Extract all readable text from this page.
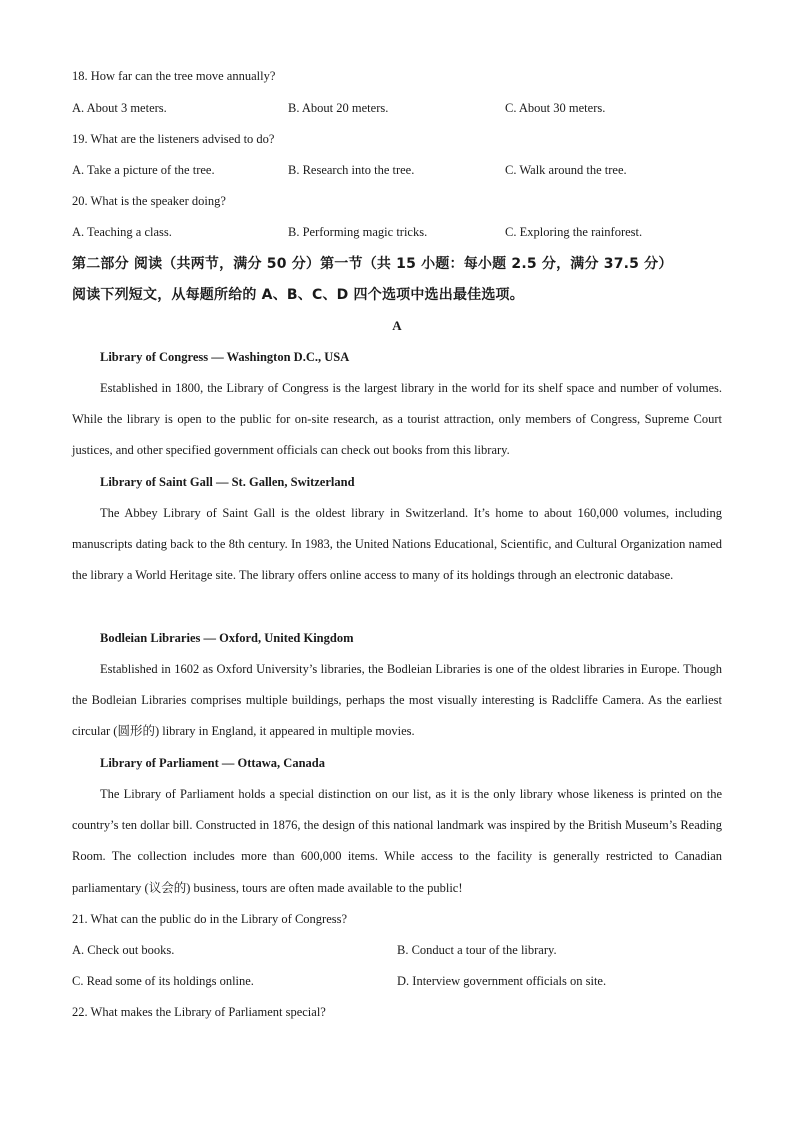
18. How far can the tree move annually?
A. About 3 meters.	B. About 20 meters.	C. About 30 meters.
19. What are the listeners advised to do?
A. Take a picture of the tree.	B. Research into the tree.	C. Walk around the tree.
20. What is the speaker doing?
A. Teaching a class.	B. Performing magic tricks.	C. Exploring the rainforest.
第二部分 阅读（共两节，满分 50 分）第一节（共 15 小题：每小题 2.5 分，满分 37.5 分）
阅读下列短文，从每题所给的 A、B、C、D 四个选项中选出最佳选项。
A
Library of Congress — Washington D.C., USA

Established in 1800, the Library of Congress is the largest library in the world for its shelf space and number of volumes. While the library is open to the public for on-site research, as a tourist attraction, only members of Congress, Supreme Court justices, and other specified government officials can check out books from this library.

Library of Saint Gall — St. Gallen, Switzerland

The Abbey Library of Saint Gall is the oldest library in Switzerland. It’s home to about 160,000 volumes, including manuscripts dating back to the 8th century. In 1983, the United Nations Educational, Scientific, and Cultural Organization named the library a World Heritage site. The library offers online access to many of its holdings through an electronic database.

Bodleian Libraries — Oxford, United Kingdom

Established in 1602 as Oxford University’s libraries, the Bodleian Libraries is one of the oldest libraries in Europe. Though the Bodleian Libraries comprises multiple buildings, perhaps the most visually interesting is Radcliffe Camera. As the earliest circular (圆形的) library in England, it appeared in multiple movies.

Library of Parliament — Ottawa, Canada

The Library of Parliament holds a special distinction on our list, as it is the only library whose likeness is printed on the country’s ten dollar bill. Constructed in 1876, the design of this national landmark was inspired by the British Museum’s Reading Room. The collection includes more than 600,000 items. While access to the facility is generally restricted to Canadian parliamentary (议会的) business, tours are often made available to the public!

21. What can the public do in the Library of Congress?
A. Check out books.	B. Conduct a tour of the library.
C. Read some of its holdings online.	D. Interview government officials on site.
22. What makes the Library of Parliament special?
